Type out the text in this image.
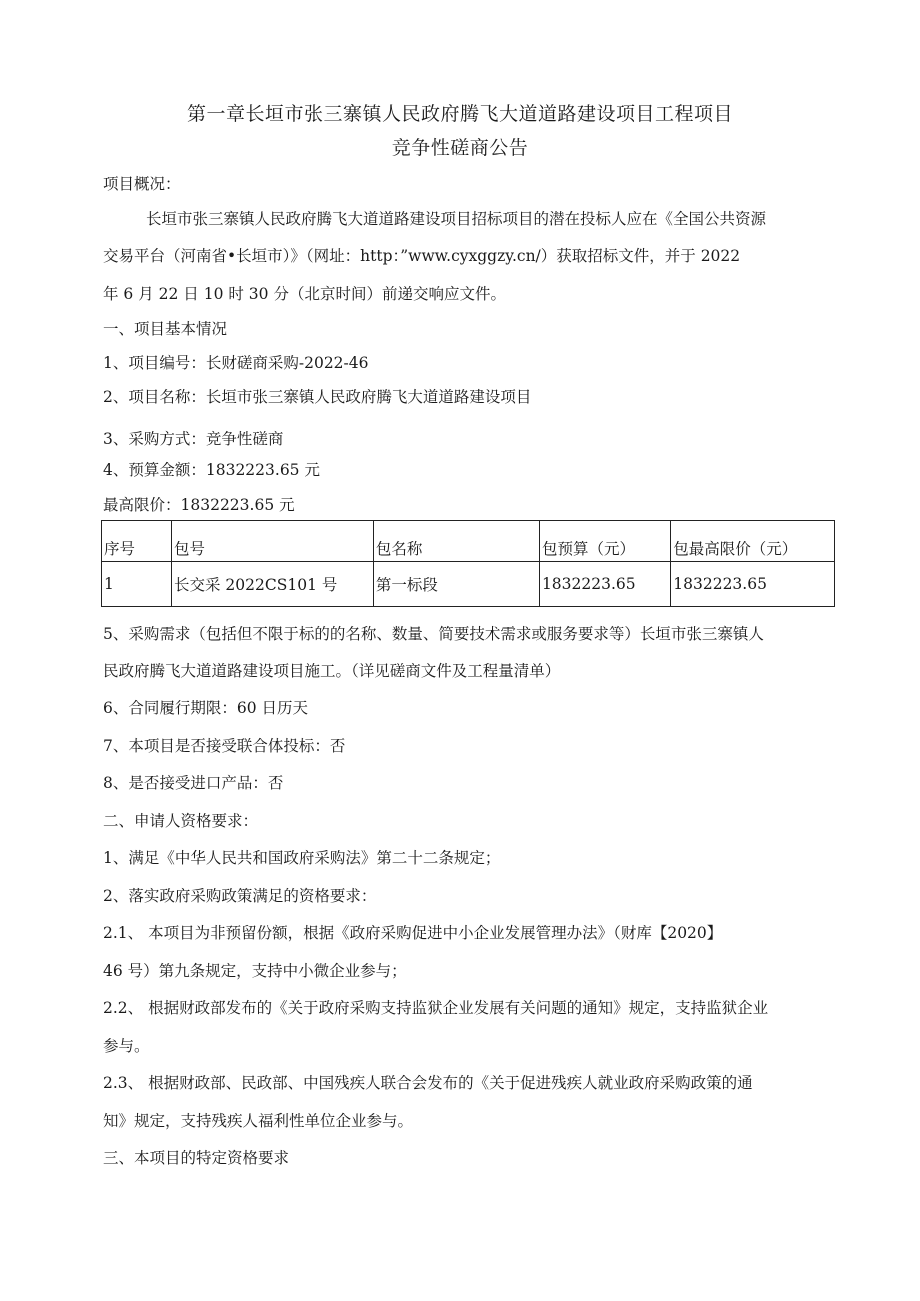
第一章长垣市张三寨镇人民政府腾飞大道道路建设项目工程项目
竞争性磋商公告
项目概况：
长垣市张三寨镇人民政府腾飞大道道路建设项目招标项目的潜在投标人应在《全国公共资源
交易平台（河南省•长垣市）》（网址：http：”www.cyxggzy.cn/）获取招标文件，并于 2022
年 6 月 22 日 10 时 30 分（北京时间）前递交响应文件。
一、项目基本情况
1、项目编号：长财磋商采购-2022-46
2、项目名称：长垣市张三寨镇人民政府腾飞大道道路建设项目
3、采购方式：竞争性磋商
4、预算金额：1832223.65 元
最高限价：1832223.65 元
序号	包号	包名称	包预算（元）	包最高限价（元）
1	长交采 2022CS101 号	第一标段	1832223.65	1832223.65
5、采购需求（包括但不限于标的的名称、数量、简要技术需求或服务要求等）长垣市张三寨镇人
民政府腾飞大道道路建设项目施工。（详见磋商文件及工程量清单）
6、合同履行期限：60 日历天
7、本项目是否接受联合体投标：否
8、是否接受进口产品：否
二、申请人资格要求：
1、满足《中华人民共和国政府采购法》第二十二条规定；
2、落实政府采购政策满足的资格要求：
2.1、 本项目为非预留份额，根据《政府采购促进中小企业发展管理办法》（财库【2020】
46 号）第九条规定，支持中小微企业参与；
2.2、 根据财政部发布的《关于政府采购支持监狱企业发展有关问题的通知》规定，支持监狱企业
参与。
2.3、 根据财政部、民政部、中国残疾人联合会发布的《关于促进残疾人就业政府采购政策的通
知》规定，支持残疾人福利性单位企业参与。
三、本项目的特定资格要求
